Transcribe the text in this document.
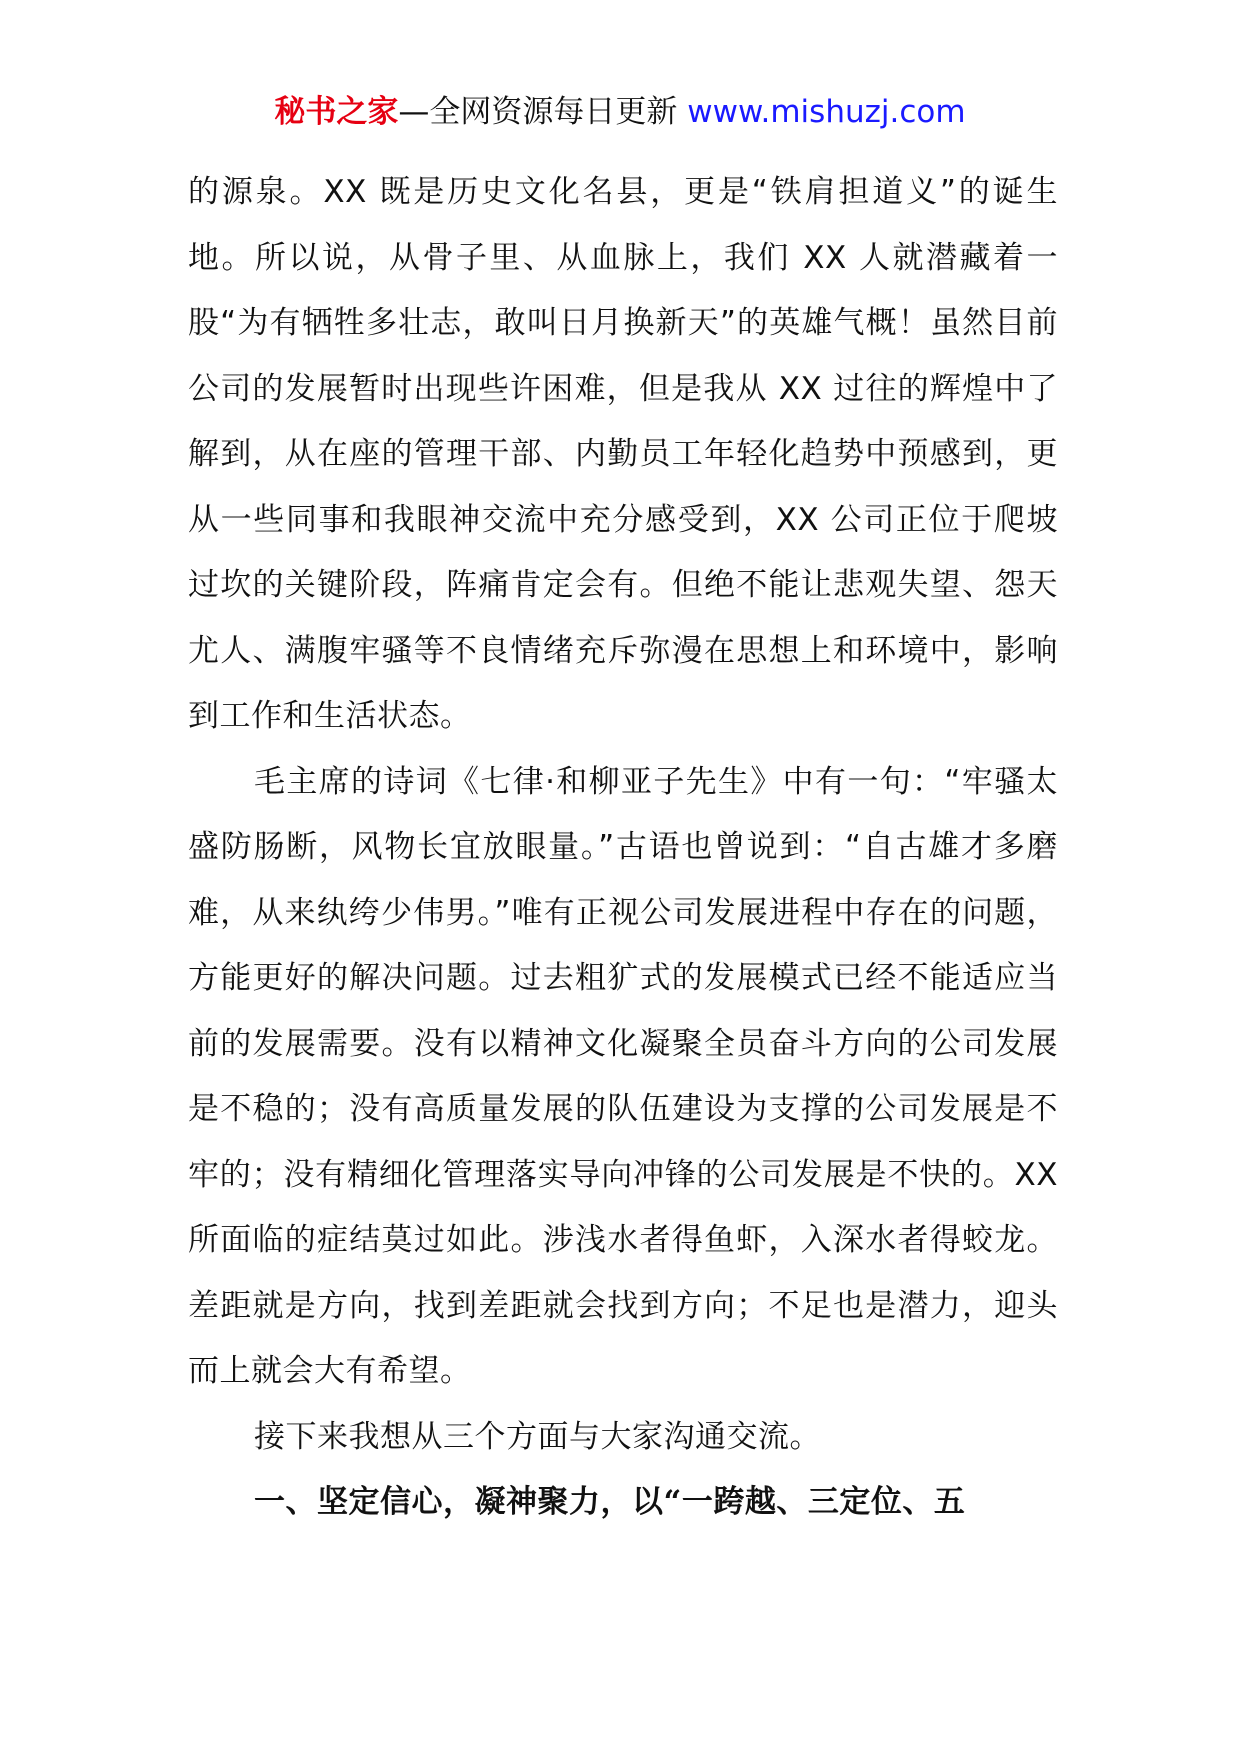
秘书之家—全网资源每日更新 www.mishuzj.com

的源泉。XX 既是历史文化名县，更是“铁肩担道义”的诞生地。所以说，从骨子里、从血脉上，我们 XX 人就潜藏着一股“为有牺牲多壮志，敢叫日月换新天”的英雄气概！虽然目前公司的发展暂时出现些许困难，但是我从 XX 过往的辉煌中了解到，从在座的管理干部、内勤员工年轻化趋势中预感到，更从一些同事和我眼神交流中充分感受到，XX 公司正位于爬坡过坎的关键阶段，阵痛肯定会有。但绝不能让悲观失望、怨天尤人、满腹牢骚等不良情绪充斥弥漫在思想上和环境中，影响到工作和生活状态。

毛主席的诗词《七律·和柳亚子先生》中有一句：“牢骚太盛防肠断，风物长宜放眼量。”古语也曾说到：“自古雄才多磨难，从来纨绔少伟男。”唯有正视公司发展进程中存在的问题，方能更好的解决问题。过去粗犷式的发展模式已经不能适应当前的发展需要。没有以精神文化凝聚全员奋斗方向的公司发展是不稳的；没有高质量发展的队伍建设为支撑的公司发展是不牢的；没有精细化管理落实导向冲锋的公司发展是不快的。XX 所面临的症结莫过如此。涉浅水者得鱼虾，入深水者得蛟龙。差距就是方向，找到差距就会找到方向；不足也是潜力，迎头而上就会大有希望。

接下来我想从三个方面与大家沟通交流。

一、坚定信心，凝神聚力，以“一跨越、三定位、五
